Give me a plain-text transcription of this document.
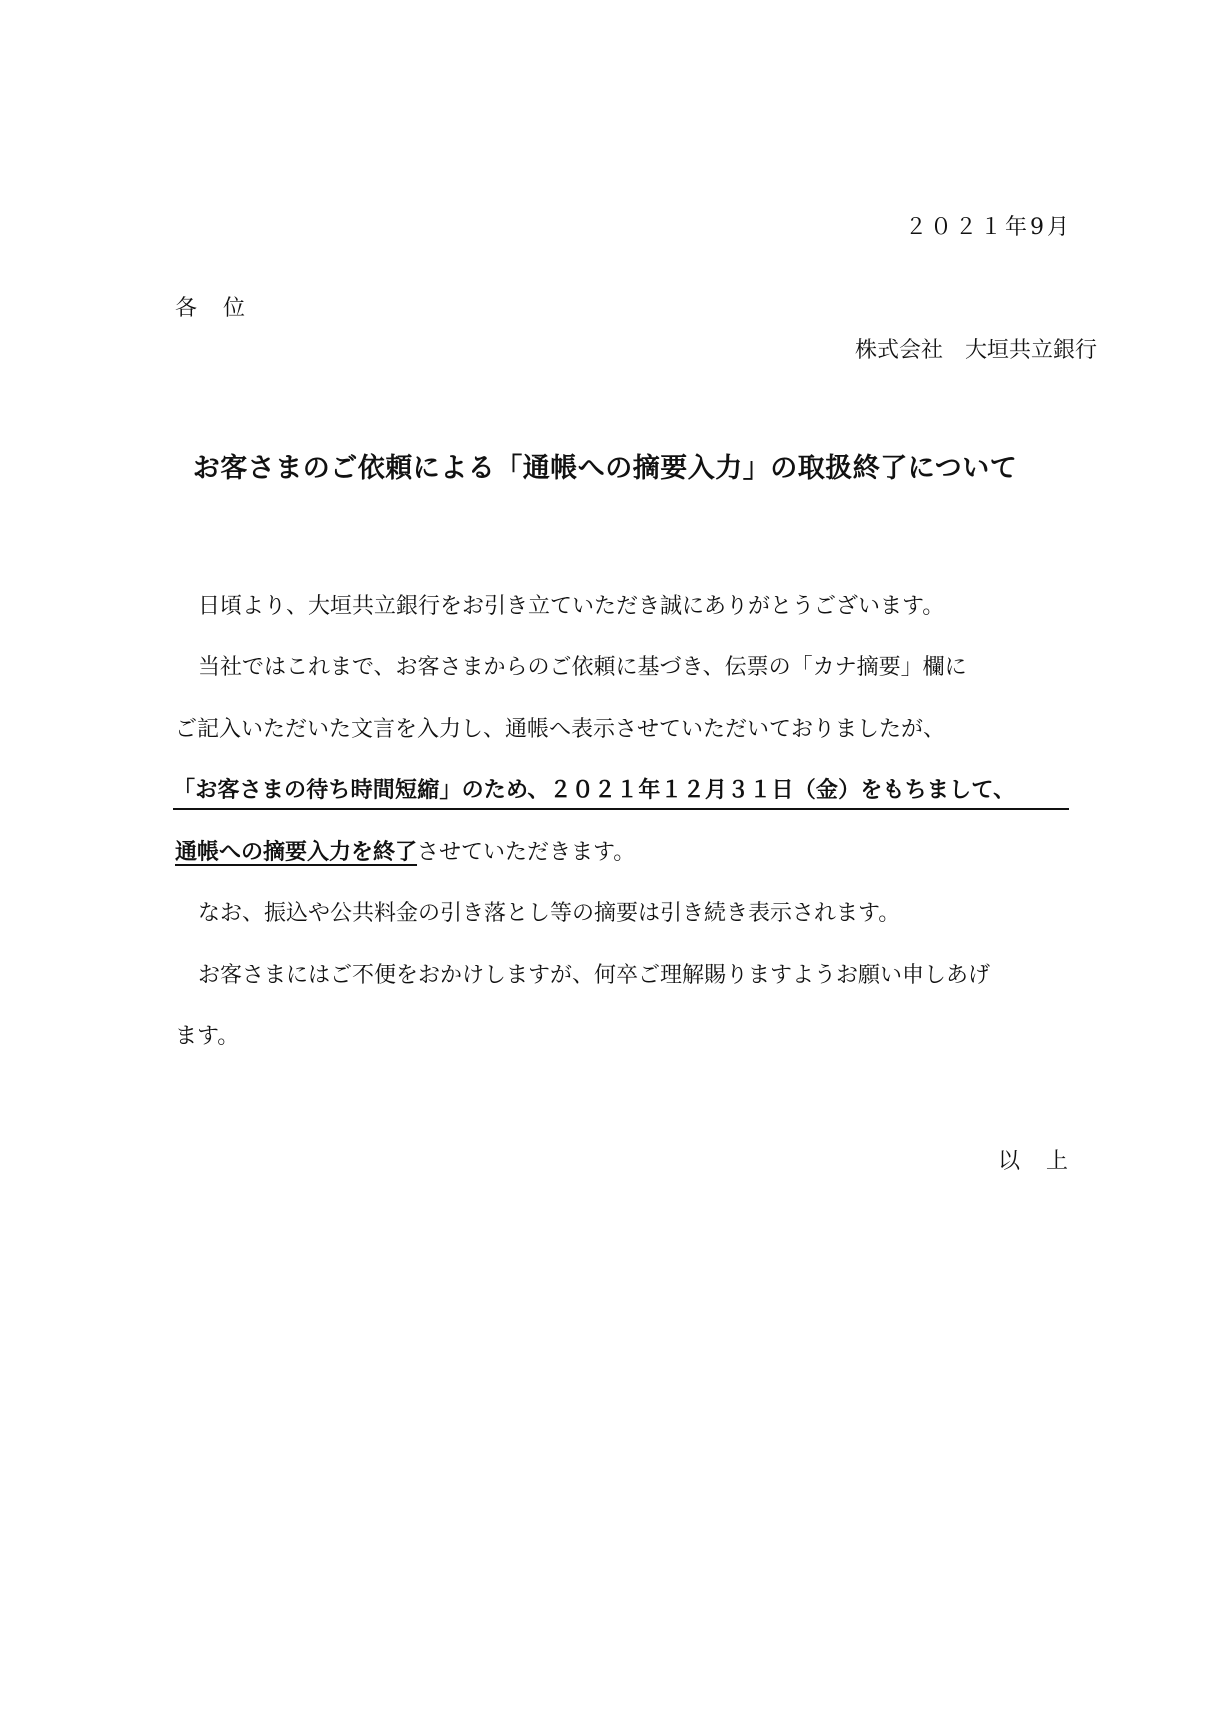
２０２１年9月
各　位
株式会社　大垣共立銀行
お客さまのご依頼による「通帳への摘要入力」の取扱終了について
日頃より、大垣共立銀行をお引き立ていただき誠にありがとうございます。
当社ではこれまで、お客さまからのご依頼に基づき、伝票の「カナ摘要」欄に
ご記入いただいた文言を入力し、通帳へ表示させていただいておりましたが、
「お客さまの待ち時間短縮」のため、２０２１年１２月３１日（金）をもちまして、
通帳への摘要入力を終了させていただきます。
なお、振込や公共料金の引き落とし等の摘要は引き続き表示されます。
お客さまにはご不便をおかけしますが、何卒ご理解賜りますようお願い申しあげ
ます。
以　上
